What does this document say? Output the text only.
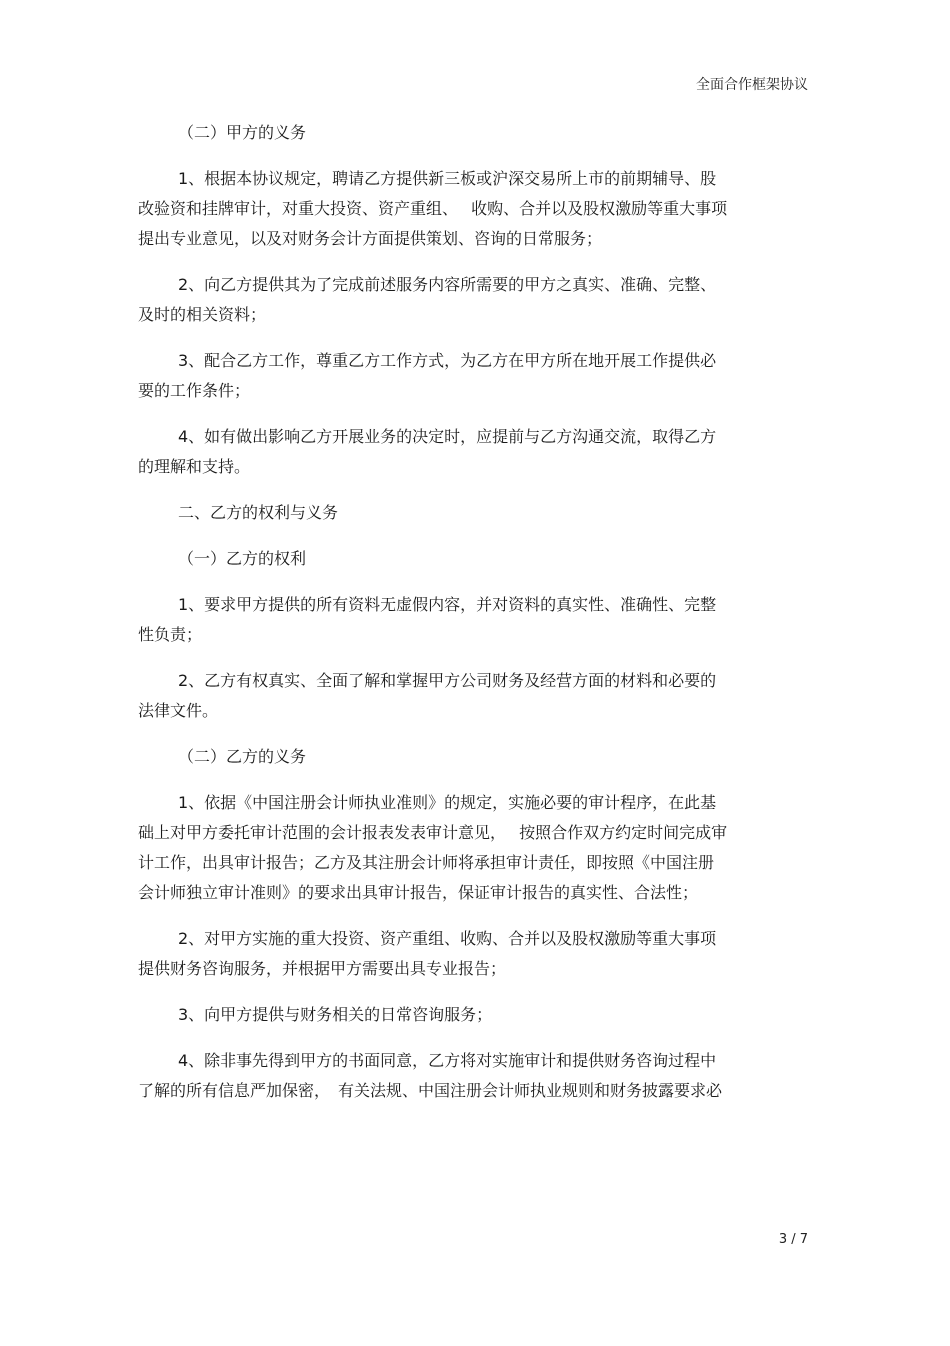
全面合作框架协议
（二）甲方的义务
1、根据本协议规定，聘请乙方提供新三板或沪深交易所上市的前期辅导、股
改验资和挂牌审计，对重大投资、资产重组、　 收购、合并以及股权激励等重大事项
提出专业意见，以及对财务会计方面提供策划、咨询的日常服务；
2、向乙方提供其为了完成前述服务内容所需要的甲方之真实、准确、完整、
及时的相关资料；
3、配合乙方工作，尊重乙方工作方式，为乙方在甲方所在地开展工作提供必
要的工作条件；
4、如有做出影响乙方开展业务的决定时，应提前与乙方沟通交流，取得乙方
的理解和支持。
二、乙方的权利与义务
（一）乙方的权利
1、要求甲方提供的所有资料无虚假内容，并对资料的真实性、准确性、完整
性负责；
2、乙方有权真实、全面了解和掌握甲方公司财务及经营方面的材料和必要的
法律文件。
（二）乙方的义务
1、依据《中国注册会计师执业准则》的规定，实施必要的审计程序，在此基
础上对甲方委托审计范围的会计报表发表审计意见，　 按照合作双方约定时间完成审
计工作，出具审计报告；乙方及其注册会计师将承担审计责任，即按照《中国注册
会计师独立审计准则》的要求出具审计报告，保证审计报告的真实性、合法性；
2、对甲方实施的重大投资、资产重组、收购、合并以及股权激励等重大事项
提供财务咨询服务，并根据甲方需要出具专业报告；
3、向甲方提供与财务相关的日常咨询服务；
4、除非事先得到甲方的书面同意，乙方将对实施审计和提供财务咨询过程中
了解的所有信息严加保密，　有关法规、中国注册会计师执业规则和财务披露要求必
3 / 7
